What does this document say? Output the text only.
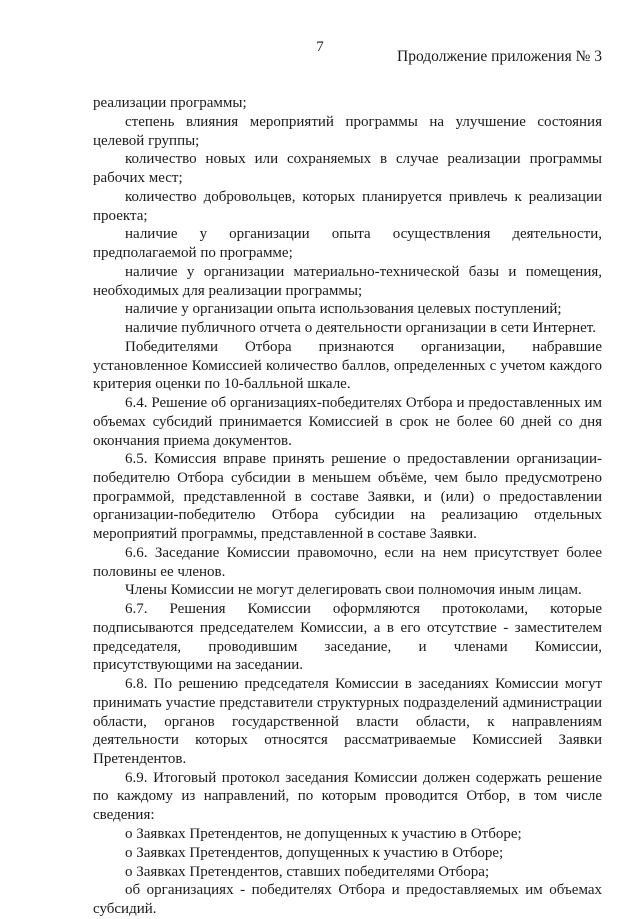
7
Продолжение приложения № 3

реализации программы;

степень влияния мероприятий программы на улучшение состояния целевой группы;

количество новых или сохраняемых в случае реализации программы рабочих мест;

количество добровольцев, которых планируется привлечь к реализации проекта;

наличие у организации опыта осуществления деятельности, предполагаемой по программе;

наличие у организации материально-технической базы и помещения, необходимых для реализации программы;

наличие у организации опыта использования целевых поступлений;

наличие публичного отчета о деятельности организации в сети Интернет.

Победителями Отбора признаются организации, набравшие установленное Комиссией количество баллов, определенных с учетом каждого критерия оценки по 10-балльной шкале.

6.4. Решение об организациях-победителях Отбора и предоставленных им объемах субсидий принимается Комиссией в срок не более 60 дней со дня окончания приема документов.

6.5. Комиссия вправе принять решение о предоставлении организации-победителю Отбора субсидии в меньшем объёме, чем было предусмотрено программой, представленной в составе Заявки, и (или) о предоставлении организации-победителю Отбора субсидии на реализацию отдельных мероприятий программы, представленной в составе Заявки.

6.6. Заседание Комиссии правомочно, если на нем присутствует более половины ее членов.

Члены Комиссии не могут делегировать свои полномочия иным лицам.

6.7. Решения Комиссии оформляются протоколами, которые подписываются председателем Комиссии, а в его отсутствие - заместителем председателя, проводившим заседание, и членами Комиссии, присутствующими на заседании.

6.8. По решению председателя Комиссии в заседаниях Комиссии могут принимать участие представители структурных подразделений администрации области, органов государственной власти области, к направлениям деятельности которых относятся рассматриваемые Комиссией Заявки Претендентов.

6.9. Итоговый протокол заседания Комиссии должен содержать решение по каждому из направлений, по которым проводится Отбор, в том числе сведения:

о Заявках Претендентов, не допущенных к участию в Отборе;

о Заявках Претендентов, допущенных к участию в Отборе;

о Заявках Претендентов, ставших победителями Отбора;

об организациях - победителях Отбора и предоставляемых им объемах субсидий.
